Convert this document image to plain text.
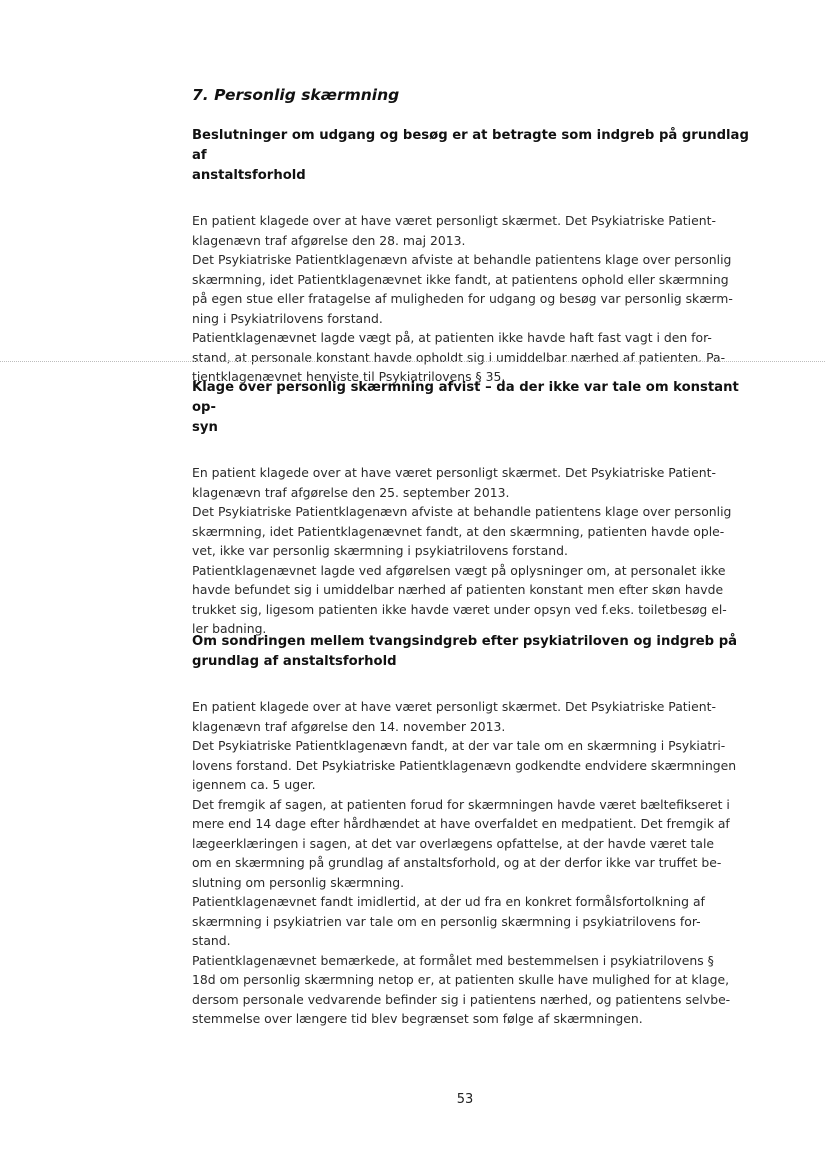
7. Personlig skærmning
Beslutninger om udgang og besøg er at betragte som indgreb på grundlag af
anstaltsforhold
En patient klagede over at have været personligt skærmet. Det Psykiatriske Patient-
klagenævn traf afgørelse den 28. maj 2013.
Det Psykiatriske Patientklagenævn afviste at behandle patientens klage over personlig
skærmning, idet Patientklagenævnet ikke fandt, at patientens ophold eller skærmning
på egen stue eller fratagelse af muligheden for udgang og besøg var personlig skærm-
ning i Psykiatrilovens forstand.
Patientklagenævnet lagde vægt på, at patienten ikke havde haft fast vagt i den for-
stand, at personale konstant havde opholdt sig i umiddelbar nærhed af patienten. Pa-
tientklagenævnet henviste til Psykiatrilovens § 35.
Klage over personlig skærmning afvist – da der ikke var tale om konstant op-
syn
En patient klagede over at have været personligt skærmet. Det Psykiatriske Patient-
klagenævn traf afgørelse den 25. september 2013.
Det Psykiatriske Patientklagenævn afviste at behandle patientens klage over personlig
skærmning, idet Patientklagenævnet fandt, at den skærmning, patienten havde ople-
vet, ikke var personlig skærmning i psykiatrilovens forstand.
Patientklagenævnet lagde ved afgørelsen vægt på oplysninger om, at personalet ikke
havde befundet sig i umiddelbar nærhed af patienten konstant men efter skøn havde
trukket sig, ligesom patienten ikke havde været under opsyn ved f.eks. toiletbesøg el-
ler badning.
Om sondringen mellem tvangsindgreb efter psykiatriloven og indgreb på
grundlag af anstaltsforhold
En patient klagede over at have været personligt skærmet. Det Psykiatriske Patient-
klagenævn traf afgørelse den 14. november 2013.
Det Psykiatriske Patientklagenævn fandt, at der var tale om en skærmning i Psykiatri-
lovens forstand. Det Psykiatriske Patientklagenævn godkendte endvidere skærmningen
igennem ca. 5 uger.
Det fremgik af sagen, at patienten forud for skærmningen havde været bæltefikseret i
mere end 14 dage efter hårdhændet at have overfaldet en medpatient. Det fremgik af
lægeerklæringen i sagen, at det var overlægens opfattelse, at der havde været tale
om en skærmning på grundlag af anstaltsforhold, og at der derfor ikke var truffet be-
slutning om personlig skærmning.
Patientklagenævnet fandt imidlertid, at der ud fra en konkret formålsfortolkning af
skærmning i psykiatrien var tale om en personlig skærmning i psykiatrilovens for-
stand.
Patientklagenævnet bemærkede, at formålet med bestemmelsen i psykiatrilovens §
18d om personlig skærmning netop er, at patienten skulle have mulighed for at klage,
dersom personale vedvarende befinder sig i patientens nærhed, og patientens selvbe-
stemmelse over længere tid blev begrænset som følge af skærmningen.
53
